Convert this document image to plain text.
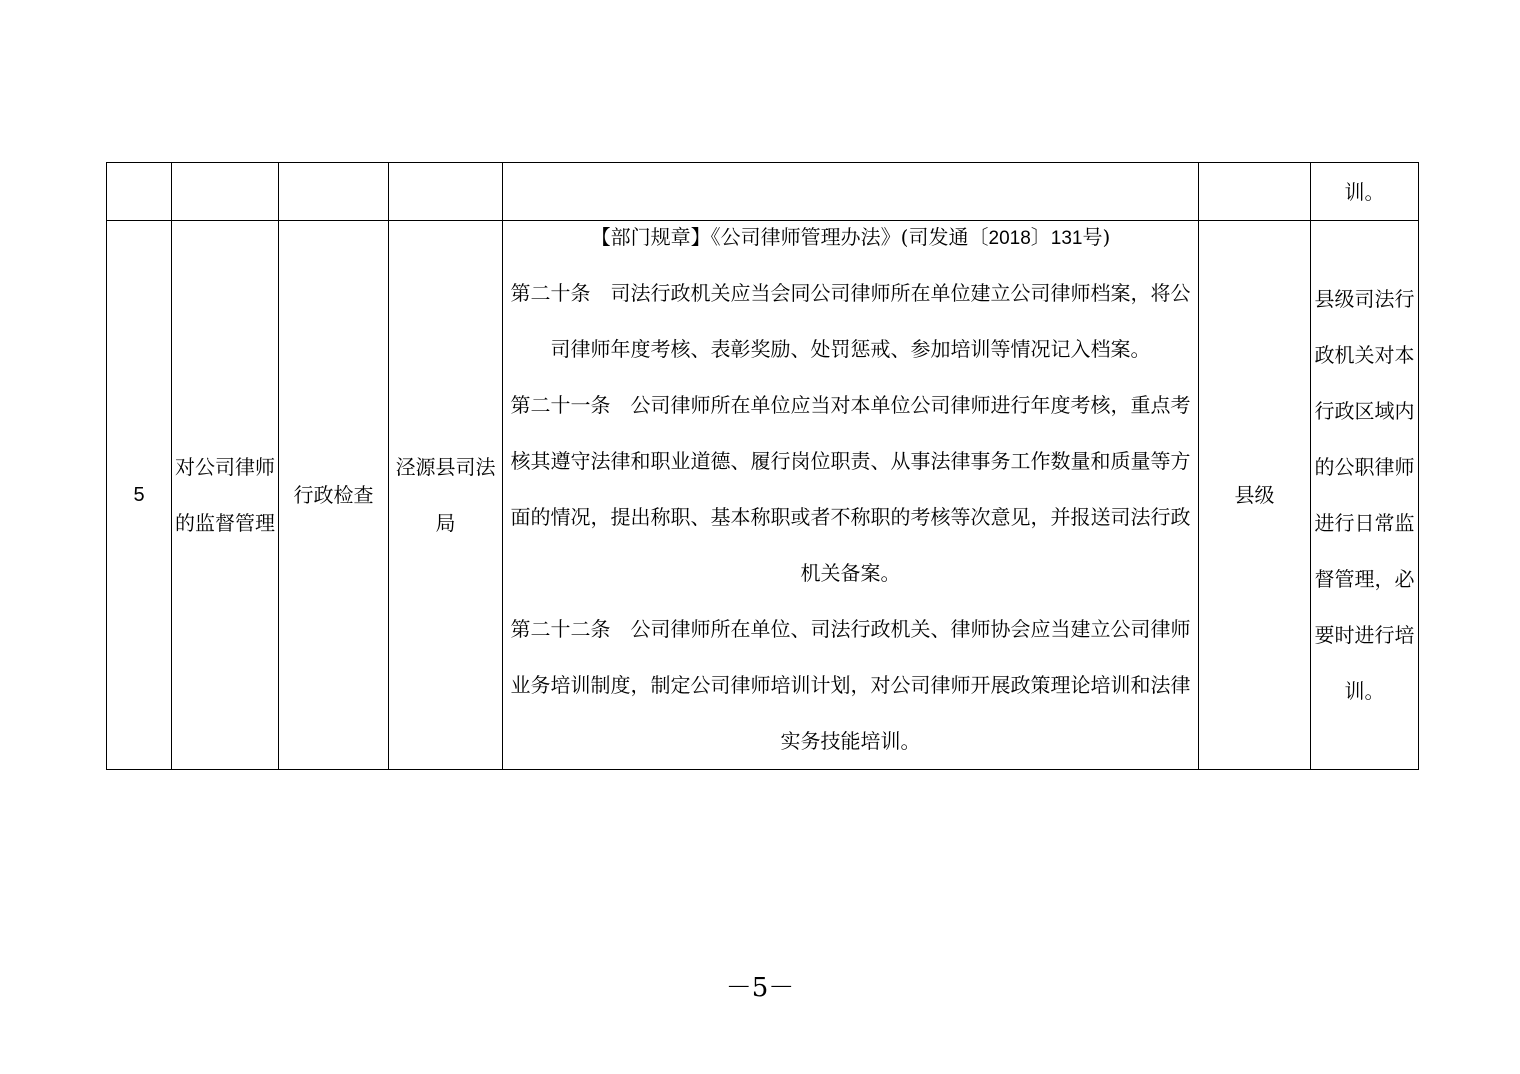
						训。
5	对公司律师的监督管理	行政检查	泾源县司法局	【部门规章】《公司律师管理办法》(司发通〔2018〕131号)

第二十条　司法行政机关应当会同公司律师所在单位建立公司律师档案，将公司律师年度考核、表彰奖励、处罚惩戒、参加培训等情况记入档案。

第二十一条　公司律师所在单位应当对本单位公司律师进行年度考核，重点考核其遵守法律和职业道德、履行岗位职责、从事法律事务工作数量和质量等方面的情况，提出称职、基本称职或者不称职的考核等次意见，并报送司法行政机关备案。

第二十二条　公司律师所在单位、司法行政机关、律师协会应当建立公司律师业务培训制度，制定公司律师培训计划，对公司律师开展政策理论培训和法律实务技能培训。	县级	县级司法行政机关对本行政区域内的公职律师进行日常监督管理，必要时进行培训。
－5－
